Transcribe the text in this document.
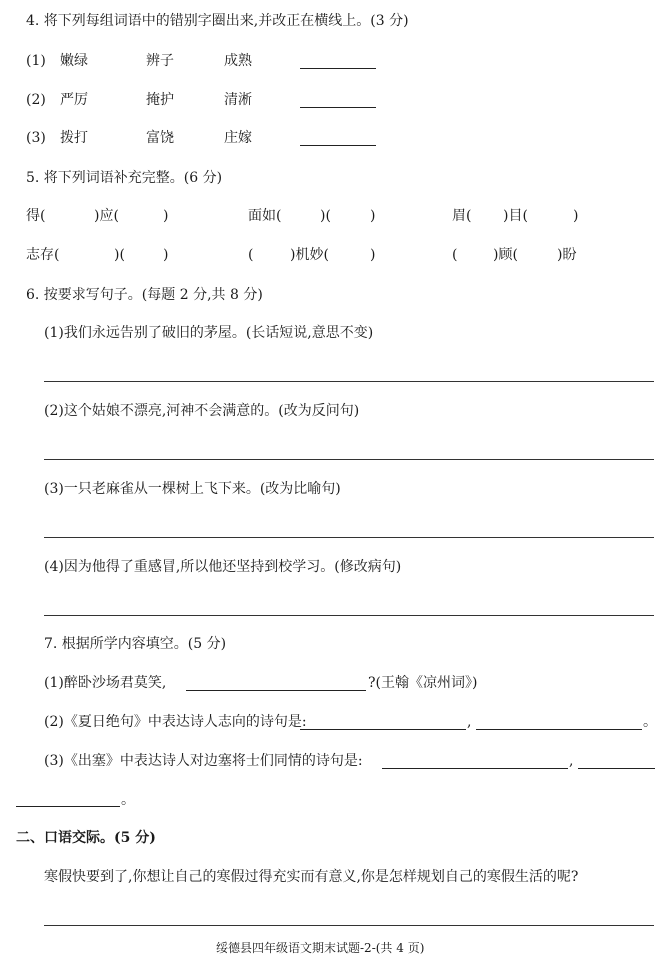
4. 将下列每组词语中的错别字圈出来,并改正在横线上。(3 分)
(1) 嫩绿	辨子	成熟
(2) 严厉	掩护	清淅
(3) 拨打	富饶	庄嫁
5. 将下列词语补充完整。(6 分)
得(	)应(	)	面如(	)(	)	眉( )目(	)
志存(	)(	)	(	)机妙(	)	(	)顾(	)盼
6. 按要求写句子。(每题 2 分,共 8 分)
(1)我们永远告别了破旧的茅屋。(长话短说,意思不变)
(2)这个姑娘不漂亮,河神不会满意的。(改为反问句)
(3)一只老麻雀从一棵树上飞下来。(改为比喻句)
(4)因为他得了重感冒,所以他还坚持到校学习。(修改病句)
7. 根据所学内容填空。(5 分)
(1)醉卧沙场君莫笑,	?(王翰《凉州词》)
(2)《夏日绝句》中表达诗人志向的诗句是:	,	。
(3)《出塞》中表达诗人对边塞将士们同情的诗句是:	,
。
二、口语交际。(5 分)
寒假快要到了,你想让自己的寒假过得充实而有意义,你是怎样规划自己的寒假生活的呢?
绥德县四年级语文期末试题-2-(共 4 页)
